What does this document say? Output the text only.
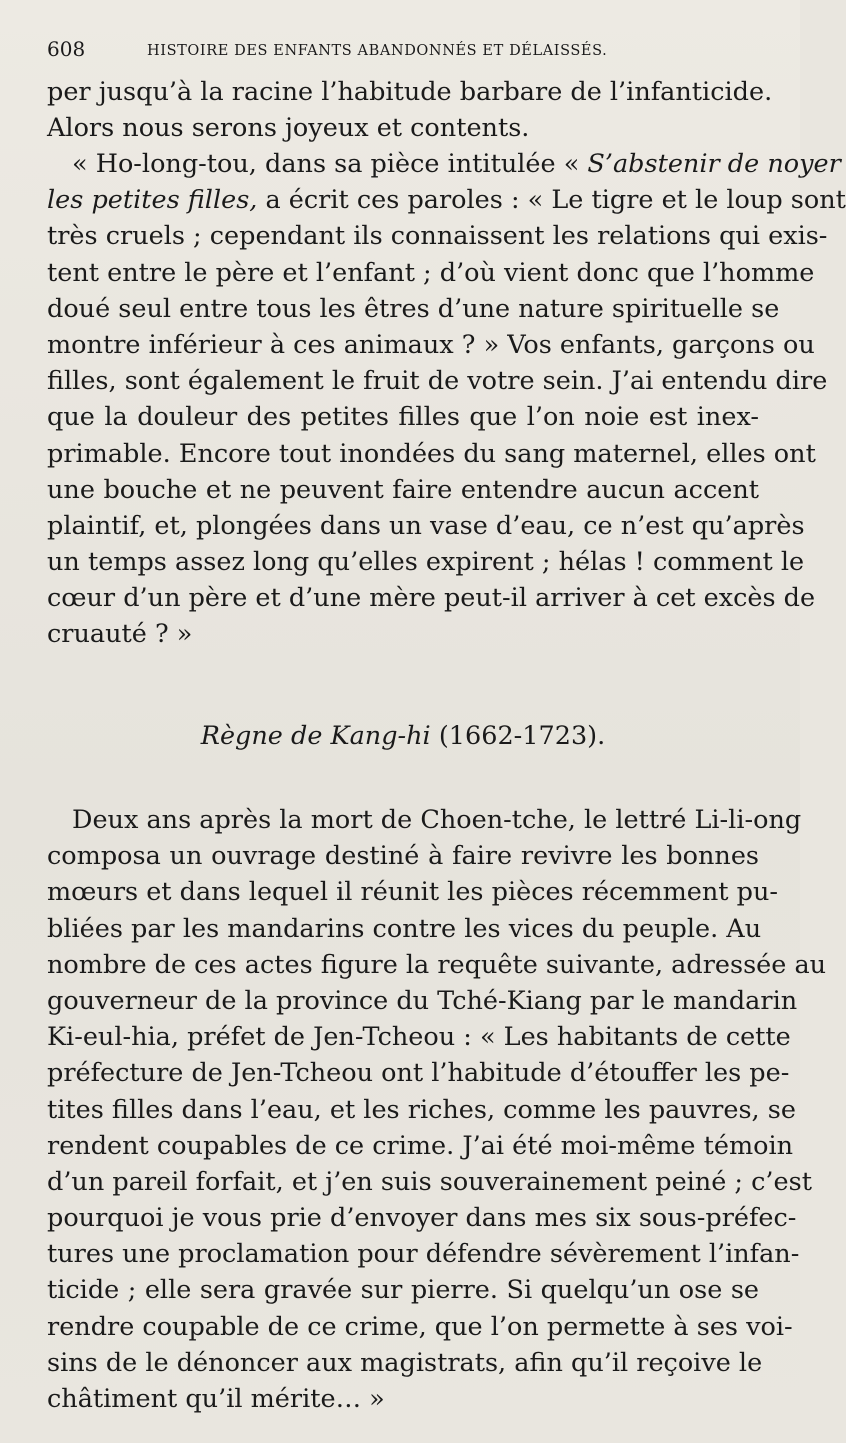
608	HISTOIRE DES ENFANTS ABANDONNÉS ET DÉLAISSÉS.
per jusqu’à la racine l’habitude barbare de l’infanticide.
Alors nous serons joyeux et contents.
« Ho-long-tou, dans sa pièce intitulée « S’abstenir de noyer
les petites filles, a écrit ces paroles : « Le tigre et le loup sont
très cruels ; cependant ils connaissent les relations qui exis-
tent entre le père et l’enfant ; d’où vient donc que l’homme
doué seul entre tous les êtres d’une nature spirituelle se
montre inférieur à ces animaux ? » Vos enfants, garçons ou
filles, sont également le fruit de votre sein. J’ai entendu dire
que la douleur des petites filles que l’on noie est inex-
primable. Encore tout inondées du sang maternel, elles ont
une bouche et ne peuvent faire entendre aucun accent
plaintif, et, plongées dans un vase d’eau, ce n’est qu’après
un temps assez long qu’elles expirent ; hélas ! comment le
cœur d’un père et d’une mère peut-il arriver à cet excès de
cruauté ? »
Règne de Kang-hi (1662-1723).
Deux ans après la mort de Choen-tche, le lettré Li-li-ong
composa un ouvrage destiné à faire revivre les bonnes
mœurs et dans lequel il réunit les pièces récemment pu-
bliées par les mandarins contre les vices du peuple. Au
nombre de ces actes figure la requête suivante, adressée au
gouverneur de la province du Tché-Kiang par le mandarin
Ki-eul-hia, préfet de Jen-Tcheou : « Les habitants de cette
préfecture de Jen-Tcheou ont l’habitude d’étouffer les pe-
tites filles dans l’eau, et les riches, comme les pauvres, se
rendent coupables de ce crime. J’ai été moi-même témoin
d’un pareil forfait, et j’en suis souverainement peiné ; c’est
pourquoi je vous prie d’envoyer dans mes six sous-préfec-
tures une proclamation pour défendre sévèrement l’infan-
ticide ; elle sera gravée sur pierre. Si quelqu’un ose se
rendre coupable de ce crime, que l’on permette à ses voi-
sins de le dénoncer aux magistrats, afin qu’il reçoive le
châtiment qu’il mérite… »
